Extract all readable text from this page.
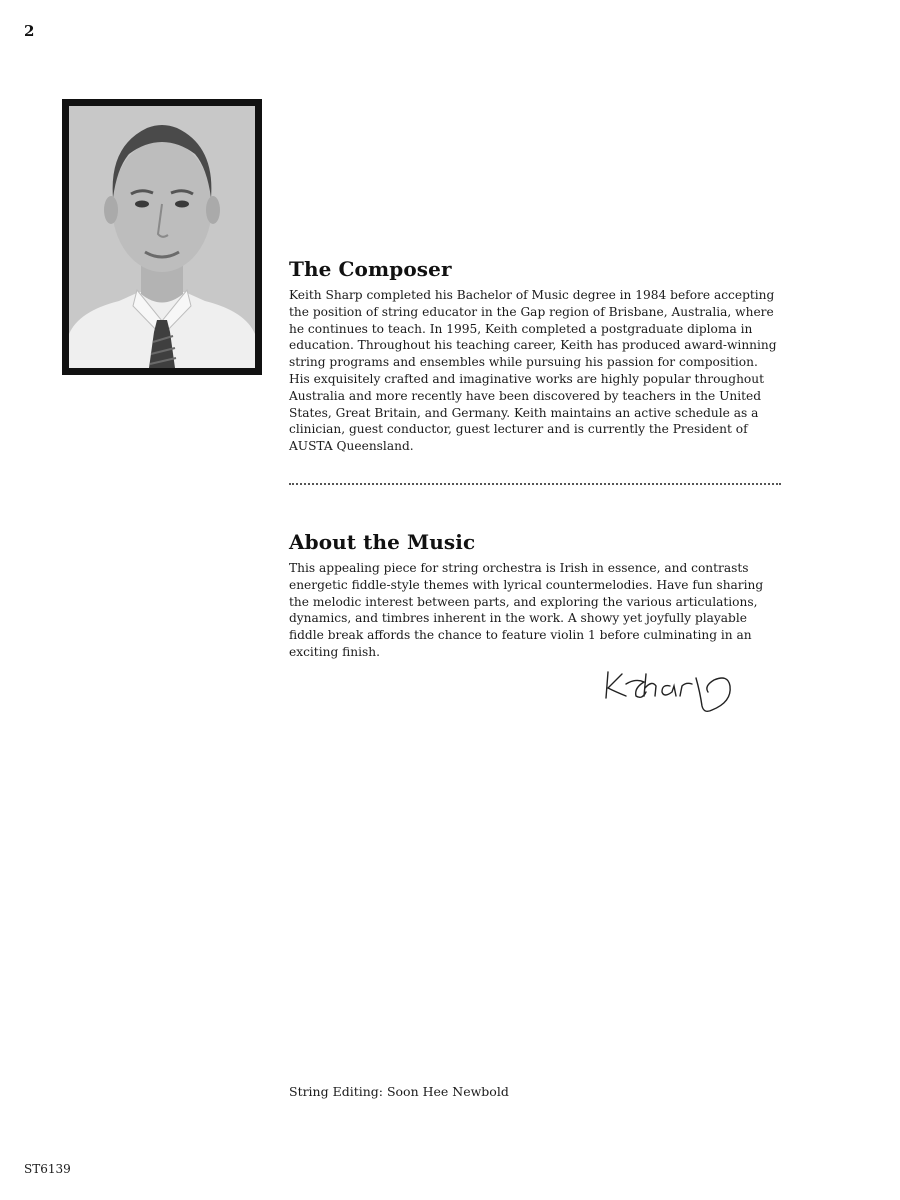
2
The Composer

Keith Sharp completed his Bachelor of Music degree in 1984 before accepting the position of string educator in the Gap region of Brisbane, Australia, where he continues to teach. In 1995, Keith completed a postgraduate diploma in education. Throughout his teaching career, Keith has produced award-winning string programs and ensembles while pursuing his passion for composition. His exquisitely crafted and imaginative works are highly popular throughout Australia and more recently have been discovered by teachers in the United States, Great Britain, and Germany. Keith maintains an active schedule as a clinician, guest conductor, guest lecturer and is currently the President of AUSTA Queensland.

About the Music

This appealing piece for string orchestra is Irish in essence, and contrasts energetic fiddle-style themes with lyrical countermelodies. Have fun sharing the melodic interest between parts, and exploring the various articulations, dynamics, and timbres inherent in the work. A showy yet joyfully playable fiddle break affords the chance to feature violin 1 before culminating in an exciting finish.

String Editing: Soon Hee Newbold
ST6139
